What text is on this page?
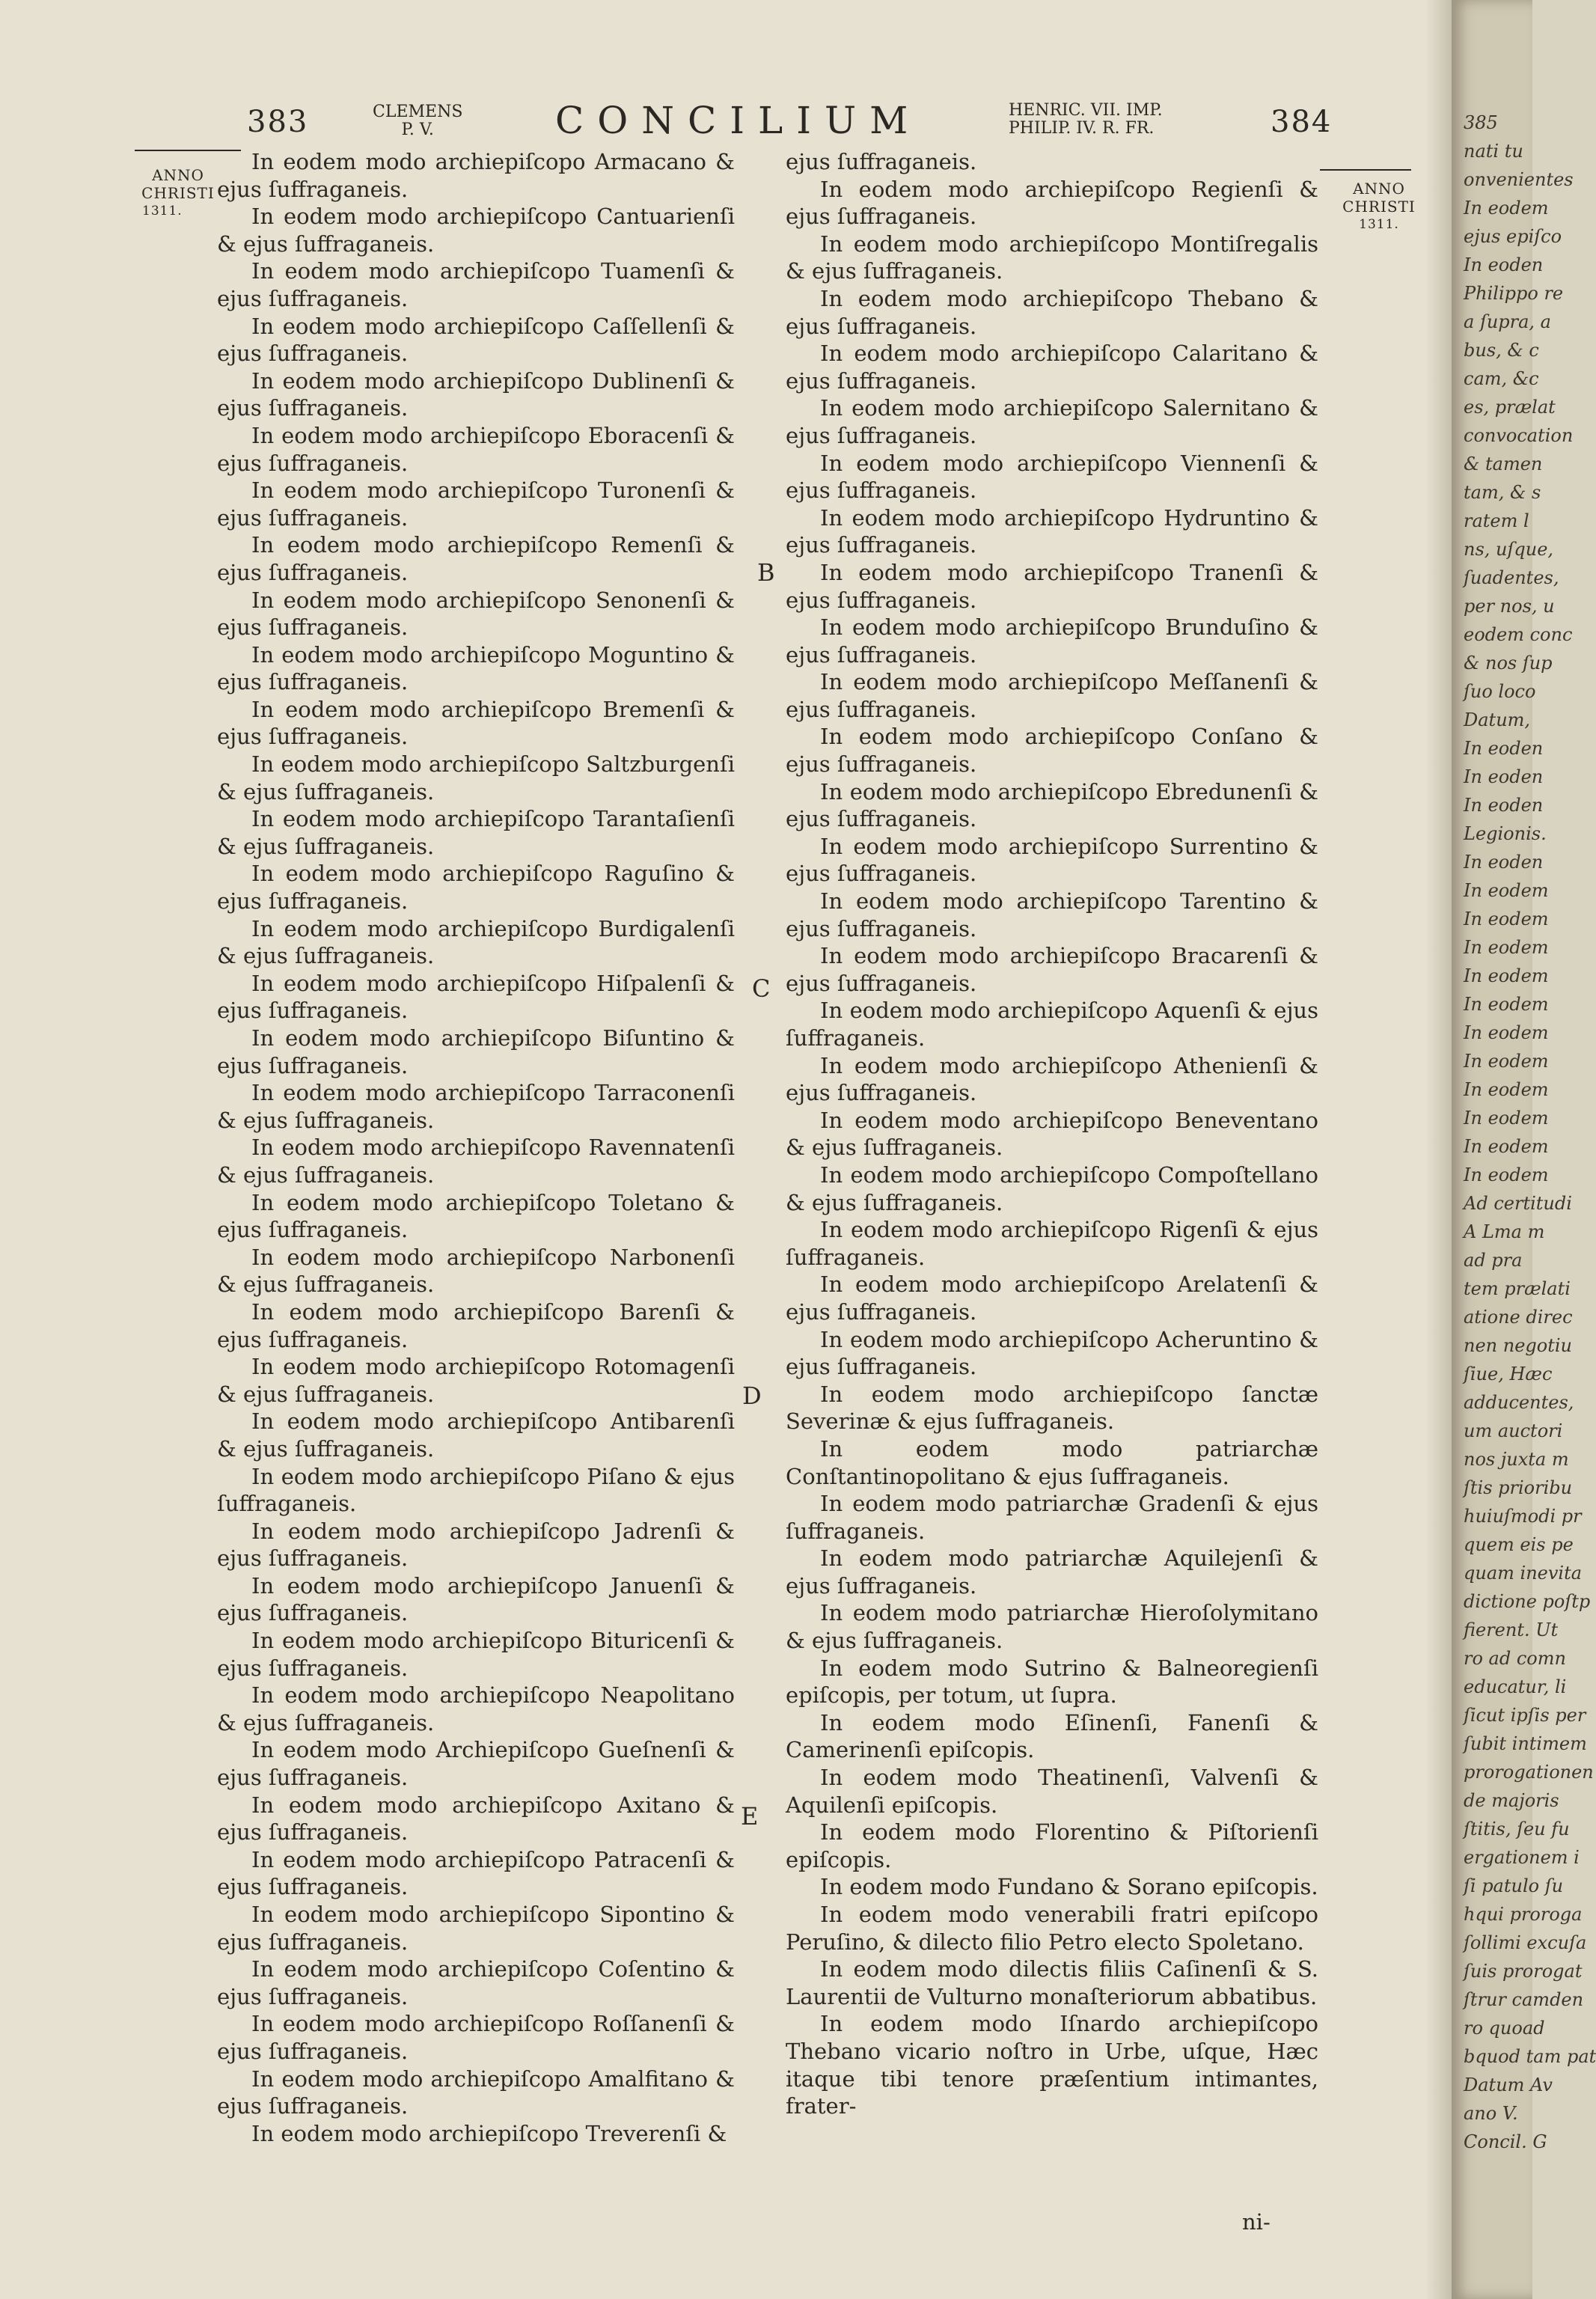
383	CLEMENS
P. V.	CONCILIUM	HENRIC. VII. IMP.
PHILIP. IV. R. FR.	384
ANNO
CHRISTI
1311.
ANNO
CHRISTI
1311.
B
C
D
E

In eodem modo archiepiſcopo Armacano & ejus ſuffraganeis.

In eodem modo archiepiſcopo Cantuarienſi & ejus ſuffraganeis.

In eodem modo archiepiſcopo Tuamenſi & ejus ſuffraganeis.

In eodem modo archiepiſcopo Caſſellenſi & ejus ſuffraganeis.

In eodem modo archiepiſcopo Dublinenſi & ejus ſuffraganeis.

In eodem modo archiepiſcopo Eboracenſi & ejus ſuffraganeis.

In eodem modo archiepiſcopo Turonenſi & ejus ſuffraganeis.

In eodem modo archiepiſcopo Remenſi & ejus ſuffraganeis.

In eodem modo archiepiſcopo Senonenſi & ejus ſuffraganeis.

In eodem modo archiepiſcopo Moguntino & ejus ſuffraganeis.

In eodem modo archiepiſcopo Bremenſi & ejus ſuffraganeis.

In eodem modo archiepiſcopo Saltzburgenſi & ejus ſuffraganeis.

In eodem modo archiepiſcopo Tarantaſienſi & ejus ſuffraganeis.

In eodem modo archiepiſcopo Raguſino & ejus ſuffraganeis.

In eodem modo archiepiſcopo Burdigalenſi & ejus ſuffraganeis.

In eodem modo archiepiſcopo Hiſpalenſi & ejus ſuffraganeis.

In eodem modo archiepiſcopo Biſuntino & ejus ſuffraganeis.

In eodem modo archiepiſcopo Tarraconenſi & ejus ſuffraganeis.

In eodem modo archiepiſcopo Ravennatenſi & ejus ſuffraganeis.

In eodem modo archiepiſcopo Toletano & ejus ſuffraganeis.

In eodem modo archiepiſcopo Narbonenſi & ejus ſuffraganeis.

In eodem modo archiepiſcopo Barenſi & ejus ſuffraganeis.

In eodem modo archiepiſcopo Rotomagenſi & ejus ſuffraganeis.

In eodem modo archiepiſcopo Antibarenſi & ejus ſuffraganeis.

In eodem modo archiepiſcopo Piſano & ejus ſuffraganeis.

In eodem modo archiepiſcopo Jadrenſi & ejus ſuffraganeis.

In eodem modo archiepiſcopo Januenſi & ejus ſuffraganeis.

In eodem modo archiepiſcopo Bituricenſi & ejus ſuffraganeis.

In eodem modo archiepiſcopo Neapolitano & ejus ſuffraganeis.

In eodem modo Archiepiſcopo Gueſnenſi & ejus ſuffraganeis.

In eodem modo archiepiſcopo Axitano & ejus ſuffraganeis.

In eodem modo archiepiſcopo Patracenſi & ejus ſuffraganeis.

In eodem modo archiepiſcopo Sipontino & ejus ſuffraganeis.

In eodem modo archiepiſcopo Coſentino & ejus ſuffraganeis.

In eodem modo archiepiſcopo Roſſanenſi & ejus ſuffraganeis.

In eodem modo archiepiſcopo Amalfitano & ejus ſuffraganeis.

In eodem modo archiepiſcopo Treverenſi &

ejus ſuffraganeis.

In eodem modo archiepiſcopo Regienſi & ejus ſuffraganeis.

In eodem modo archiepiſcopo Montiſregalis & ejus ſuffraganeis.

In eodem modo archiepiſcopo Thebano & ejus ſuffraganeis.

In eodem modo archiepiſcopo Calaritano & ejus ſuffraganeis.

In eodem modo archiepiſcopo Salernitano & ejus ſuffraganeis.

In eodem modo archiepiſcopo Viennenſi & ejus ſuffraganeis.

In eodem modo archiepiſcopo Hydruntino & ejus ſuffraganeis.

In eodem modo archiepiſcopo Tranenſi & ejus ſuffraganeis.

In eodem modo archiepiſcopo Brunduſino & ejus ſuffraganeis.

In eodem modo archiepiſcopo Meſſanenſi & ejus ſuffraganeis.

In eodem modo archiepiſcopo Conſano & ejus ſuffraganeis.

In eodem modo archiepiſcopo Ebredunenſi & ejus ſuffraganeis.

In eodem modo archiepiſcopo Surrentino & ejus ſuffraganeis.

In eodem modo archiepiſcopo Tarentino & ejus ſuffraganeis.

In eodem modo archiepiſcopo Bracarenſi & ejus ſuffraganeis.

In eodem modo archiepiſcopo Aquenſi & ejus ſuffraganeis.

In eodem modo archiepiſcopo Athenienſi & ejus ſuffraganeis.

In eodem modo archiepiſcopo Beneventano & ejus ſuffraganeis.

In eodem modo archiepiſcopo Compoſtellano & ejus ſuffraganeis.

In eodem modo archiepiſcopo Rigenſi & ejus ſuffraganeis.

In eodem modo archiepiſcopo Arelatenſi & ejus ſuffraganeis.

In eodem modo archiepiſcopo Acheruntino & ejus ſuffraganeis.

In eodem modo archiepiſcopo ſanctæ Severinæ & ejus ſuffraganeis.

In eodem modo patriarchæ Conſtantinopolitano & ejus ſuffraganeis.

In eodem modo patriarchæ Gradenſi & ejus ſuffraganeis.

In eodem modo patriarchæ Aquilejenſi & ejus ſuffraganeis.

In eodem modo patriarchæ Hieroſolymitano & ejus ſuffraganeis.

In eodem modo Sutrino & Balneoregienſi epiſcopis, per totum, ut ſupra.

In eodem modo Eſinenſi, Fanenſi & Camerinenſi epiſcopis.

In eodem modo Theatinenſi, Valvenſi & Aquilenſi epiſcopis.

In eodem modo Florentino & Piſtorienſi epiſcopis.

In eodem modo Fundano & Sorano epiſcopis.

In eodem modo venerabili fratri epiſcopo Peruſino, & dilecto filio Petro electo Spoletano.

In eodem modo dilectis filiis Caſinenſi & S. Laurentii de Vulturno monaſteriorum abbatibus.

In eodem modo Iſnardo archiepiſcopo Thebano vicario noſtro in Urbe, uſque, Hæc itaque tibi tenore præſentium intimantes, frater-

ni-
385
nati tu
onvenientes
In eodem
ejus epiſco
In eoden
Philippo re
a ſupra, a
bus, & c
cam, &c
es, prælat
convocation
& tamen
tam, & s
ratem l
ns, uſque,
ſuadentes,
per nos, u
eodem conc
& nos ſup
ſuo loco
Datum,
In eoden
In eoden
In eoden
Legionis.
In eoden
In eodem
In eodem
In eodem
In eodem
In eodem
In eodem
In eodem
In eodem
In eodem
In eodem
In eodem
Ad certitudi
A Lma m
ad pra
tem prælati
atione direc
nen negotiu
ſiue, Hæc
adducentes,
um auctori
nos juxta m
ſtis prioribu
huiuſmodi pr
quem eis pe
quam inevita
dictione poſtp
fierent. Ut
ro ad comn
educatur, li
ſicut ipſis per
ſubit intimem
prorogationen
de majoris
ſtitis, ſeu fu
ergationem i
ſi patulo ſu
hqui proroga
ſollimi excuſa
ſuis prorogat
ſtrur camden
ro quoad
bquod tam pat
Datum Av
ano V.
Concil. G
